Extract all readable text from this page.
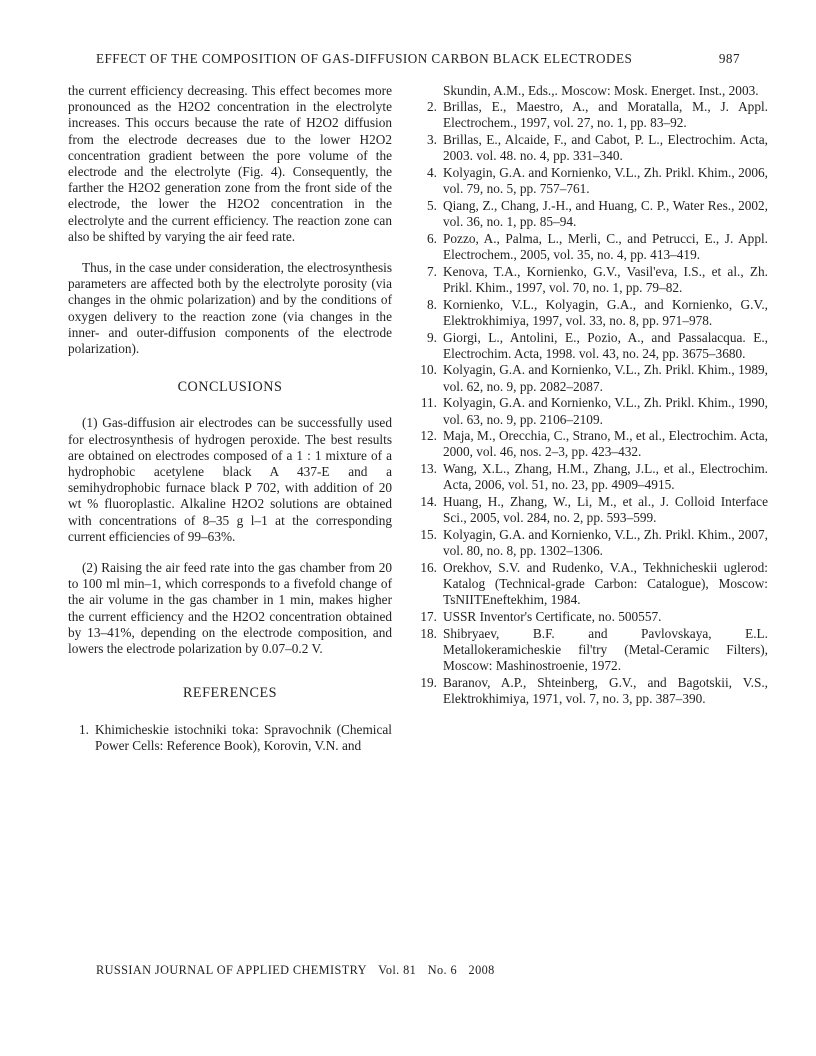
EFFECT OF THE COMPOSITION OF GAS-DIFFUSION CARBON BLACK ELECTRODES	987

the current efficiency decreasing. This effect becomes more pronounced as the H2O2 concentration in the electrolyte increases. This occurs because the rate of H2O2 diffusion from the electrode decreases due to the lower H2O2 concentration gradient between the pore volume of the electrode and the electrolyte (Fig. 4). Consequently, the farther the H2O2 generation zone from the front side of the electrode, the lower the H2O2 concentration in the electrolyte and the current efficiency. The reaction zone can also be shifted by varying the air feed rate.

Thus, in the case under consideration, the electrosynthesis parameters are affected both by the electrolyte porosity (via changes in the ohmic polarization) and by the conditions of oxygen delivery to the reaction zone (via changes in the inner- and outer-diffusion components of the electrode polarization).

CONCLUSIONS

(1) Gas-diffusion air electrodes can be successfully used for electrosynthesis of hydrogen peroxide. The best results are obtained on electrodes composed of a 1 : 1 mixture of a hydrophobic acetylene black A 437-E and a semihydrophobic furnace black P 702, with addition of 20 wt % fluoroplastic. Alkaline H2O2 solutions are obtained with concentrations of 8–35 g l–1 at the corresponding current efficiencies of 99–63%.

(2) Raising the air feed rate into the gas chamber from 20 to 100 ml min–1, which corresponds to a fivefold change of the air volume in the gas chamber in 1 min, makes higher the current efficiency and the H2O2 concentration obtained by 13–41%, depending on the electrode composition, and lowers the electrode polarization by 0.07–0.2 V.

REFERENCES
1. Khimicheskie istochniki toka: Spravochnik (Chemical Power Cells: Reference Book), Korovin, V.N. and
Skundin, A.M., Eds.,. Moscow: Mosk. Energet. Inst., 2003.
2. Brillas, E., Maestro, A., and Moratalla, M., J. Appl. Electrochem., 1997, vol. 27, no. 1, pp. 83–92.
3. Brillas, E., Alcaide, F., and Cabot, P. L., Electrochim. Acta, 2003. vol. 48. no. 4, pp. 331–340.
4. Kolyagin, G.A. and Kornienko, V.L., Zh. Prikl. Khim., 2006, vol. 79, no. 5, pp. 757–761.
5. Qiang, Z., Chang, J.-H., and Huang, C. P., Water Res., 2002, vol. 36, no. 1, pp. 85–94.
6. Pozzo, A., Palma, L., Merli, C., and Petrucci, E., J. Appl. Electrochem., 2005, vol. 35, no. 4, pp. 413–419.
7. Kenova, T.A., Kornienko, G.V., Vasil'eva, I.S., et al., Zh. Prikl. Khim., 1997, vol. 70, no. 1, pp. 79–82.
8. Kornienko, V.L., Kolyagin, G.A., and Kornienko, G.V., Elektrokhimiya, 1997, vol. 33, no. 8, pp. 971–978.
9. Giorgi, L., Antolini, E., Pozio, A., and Passalacqua. E., Electrochim. Acta, 1998. vol. 43, no. 24, pp. 3675–3680.
10. Kolyagin, G.A. and Kornienko, V.L., Zh. Prikl. Khim., 1989, vol. 62, no. 9, pp. 2082–2087.
11. Kolyagin, G.A. and Kornienko, V.L., Zh. Prikl. Khim., 1990, vol. 63, no. 9, pp. 2106–2109.
12. Maja, M., Orecchia, C., Strano, M., et al., Electrochim. Acta, 2000, vol. 46, nos. 2–3, pp. 423–432.
13. Wang, X.L., Zhang, H.M., Zhang, J.L., et al., Electrochim. Acta, 2006, vol. 51, no. 23, pp. 4909–4915.
14. Huang, H., Zhang, W., Li, M., et al., J. Colloid Interface Sci., 2005, vol. 284, no. 2, pp. 593–599.
15. Kolyagin, G.A. and Kornienko, V.L., Zh. Prikl. Khim., 2007, vol. 80, no. 8, pp. 1302–1306.
16. Orekhov, S.V. and Rudenko, V.A., Tekhnicheskii uglerod: Katalog (Technical-grade Carbon: Catalogue), Moscow: TsNIITEneftekhim, 1984.
17. USSR Inventor's Certificate, no. 500557.
18. Shibryaev, B.F. and Pavlovskaya, E.L. Metallokeramicheskie fil'try (Metal-Ceramic Filters), Moscow: Mashinostroenie, 1972.
19. Baranov, A.P., Shteinberg, G.V., and Bagotskii, V.S., Elektrokhimiya, 1971, vol. 7, no. 3, pp. 387–390.
RUSSIAN JOURNAL OF APPLIED CHEMISTRY Vol. 81 No. 6 2008
